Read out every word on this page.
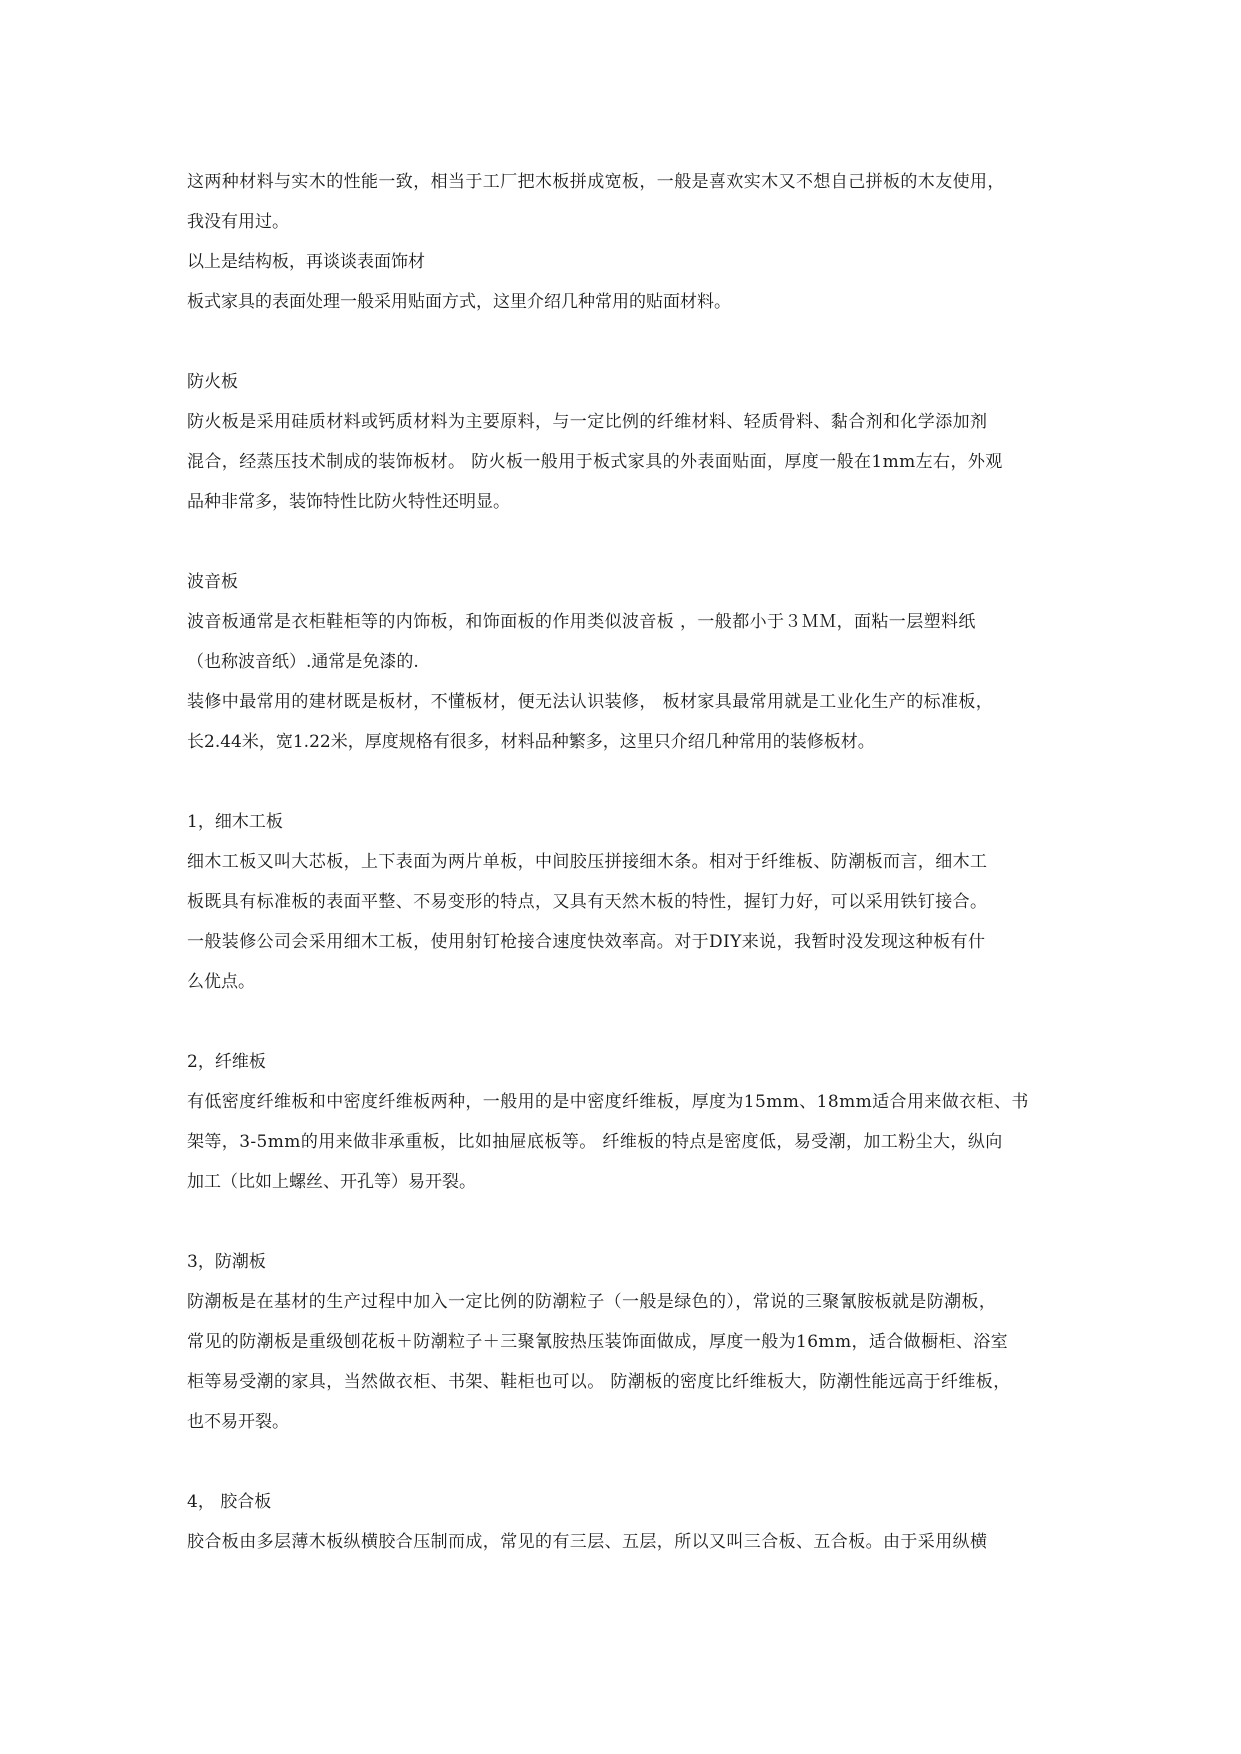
这两种材料与实木的性能一致，相当于工厂把木板拼成宽板，一般是喜欢实木又不想自己拼板的木友使用，
我没有用过。
以上是结构板，再谈谈表面饰材
板式家具的表面处理一般采用贴面方式，这里介绍几种常用的贴面材料。
防火板
防火板是采用硅质材料或钙质材料为主要原料，与一定比例的纤维材料、轻质骨料、黏合剂和化学添加剂
混合，经蒸压技术制成的装饰板材。 防火板一般用于板式家具的外表面贴面，厚度一般在1mm左右，外观
品种非常多，装饰特性比防火特性还明显。
波音板
波音板通常是衣柜鞋柜等的内饰板，和饰面板的作用类似波音板 ，一般都小于３ＭＭ，面粘一层塑料纸
（也称波音纸）.通常是免漆的.
装修中最常用的建材既是板材，不懂板材，便无法认识装修， 板材家具最常用就是工业化生产的标准板，
长2.44米，宽1.22米，厚度规格有很多，材料品种繁多，这里只介绍几种常用的装修板材。
1，细木工板
细木工板又叫大芯板，上下表面为两片单板，中间胶压拼接细木条。相对于纤维板、防潮板而言，细木工
板既具有标准板的表面平整、不易变形的特点，又具有天然木板的特性，握钉力好，可以采用铁钉接合。
一般装修公司会采用细木工板，使用射钉枪接合速度快效率高。对于DIY来说，我暂时没发现这种板有什
么优点。
2，纤维板
有低密度纤维板和中密度纤维板两种，一般用的是中密度纤维板，厚度为15mm、18mm适合用来做衣柜、书
架等，3-5mm的用来做非承重板，比如抽屉底板等。 纤维板的特点是密度低，易受潮，加工粉尘大，纵向
加工（比如上螺丝、开孔等）易开裂。
3，防潮板
防潮板是在基材的生产过程中加入一定比例的防潮粒子（一般是绿色的），常说的三聚氰胺板就是防潮板，
常见的防潮板是重级刨花板＋防潮粒子＋三聚氰胺热压装饰面做成，厚度一般为16mm，适合做橱柜、浴室
柜等易受潮的家具，当然做衣柜、书架、鞋柜也可以。 防潮板的密度比纤维板大，防潮性能远高于纤维板，
也不易开裂。
4， 胶合板
胶合板由多层薄木板纵横胶合压制而成，常见的有三层、五层，所以又叫三合板、五合板。由于采用纵横
